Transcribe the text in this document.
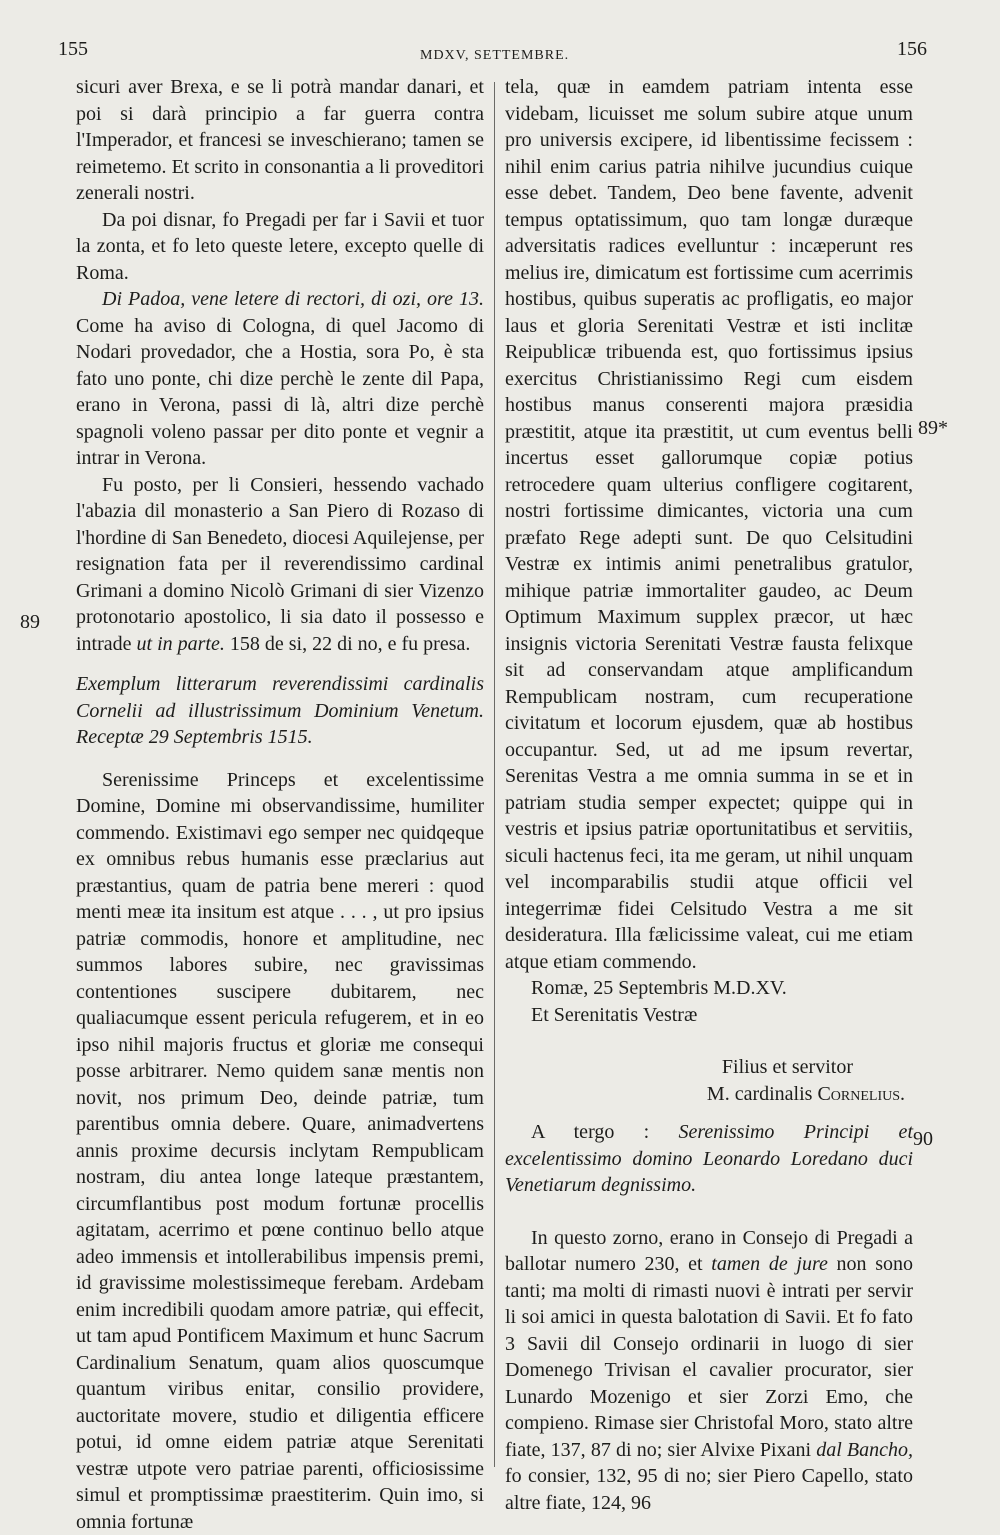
155	MDXV, SETTEMBRE.	156
89
89*
90

sicuri aver Brexa, e se li potrà mandar danari, et poi si darà principio a far guerra contra l'Imperador, et francesi se inveschierano; tamen se reimetemo. Et scrito in consonantia a li proveditori zenerali nostri.

Da poi disnar, fo Pregadi per far i Savii et tuor la zonta, et fo leto queste letere, excepto quelle di Roma.

Di Padoa, vene letere di rectori, di ozi, ore 13. Come ha aviso di Cologna, di quel Jacomo di Nodari provedador, che a Hostia, sora Po, è sta fato uno ponte, chi dize perchè le zente dil Papa, erano in Verona, passi di là, altri dize perchè spagnoli voleno passar per dito ponte et vegnir a intrar in Verona.

Fu posto, per li Consieri, hessendo vachado l'abazia dil monasterio a San Piero di Rozaso di l'hordine di San Benedeto, diocesi Aquilejense, per resignation fata per il reverendissimo cardinal Grimani a domino Nicolò Grimani di sier Vizenzo protonotario apostolico, li sia dato il possesso e intrade ut in parte. 158 de si, 22 di no, e fu presa.

Exemplum litterarum reverendissimi cardinalis Cornelii ad illustrissimum Dominium Venetum. Receptæ 29 Septembris 1515.

Serenissime Princeps et excelentissime Domine, Domine mi observandissime, humiliter commendo. Existimavi ego semper nec quidqeque ex omnibus rebus humanis esse præclarius aut præstantius, quam de patria bene mereri : quod menti meæ ita insitum est atque . . . , ut pro ipsius patriæ commodis, honore et amplitudine, nec summos labores subire, nec gravissimas contentiones suscipere dubitarem, nec qualiacumque essent pericula refugerem, et in eo ipso nihil majoris fructus et gloriæ me consequi posse arbitrarer. Nemo quidem sanæ mentis non novit, nos primum Deo, deinde patriæ, tum parentibus omnia debere. Quare, animadvertens annis proxime decursis inclytam Rempublicam nostram, diu antea longe lateque præstantem, circumflantibus post modum fortunæ procellis agitatam, acerrimo et pœne continuo bello atque adeo immensis et intollerabilibus impensis premi, id gravissime molestissimeque ferebam. Ardebam enim incredibili quodam amore patriæ, qui effecit, ut tam apud Pontificem Maximum et hunc Sacrum Cardinalium Senatum, quam alios quoscumque quantum viribus enitar, consilio providere, auctoritate movere, studio et diligentia efficere potui, id omne eidem patriæ atque Serenitati vestræ utpote vero patriae parenti, officiosissime simul et promptissimæ praestiterim. Quin imo, si omnia fortunæ

tela, quæ in eamdem patriam intenta esse videbam, licuisset me solum subire atque unum pro universis excipere, id libentissime fecissem : nihil enim carius patria nihilve jucundius cuique esse debet. Tandem, Deo bene favente, advenit tempus optatissimum, quo tam longæ duræque adversitatis radices evelluntur : incæperunt res melius ire, dimicatum est fortissime cum acerrimis hostibus, quibus superatis ac profligatis, eo major laus et gloria Serenitati Vestræ et isti inclitæ Reipublicæ tribuenda est, quo fortissimus ipsius exercitus Christianissimo Regi cum eisdem hostibus manus conserenti majora præsidia præstitit, atque ita præstitit, ut cum eventus belli incertus esset gallorumque copiæ potius retrocedere quam ulterius confligere cogitarent, nostri fortissime dimicantes, victoria una cum præfato Rege adepti sunt. De quo Celsitudini Vestræ ex intimis animi penetralibus gratulor, mihique patriæ immortaliter gaudeo, ac Deum Optimum Maximum supplex præcor, ut hæc insignis victoria Serenitati Vestræ fausta felixque sit ad conservandam atque amplificandum Rempublicam nostram, cum recuperatione civitatum et locorum ejusdem, quæ ab hostibus occupantur. Sed, ut ad me ipsum revertar, Serenitas Vestra a me omnia summa in se et in patriam studia semper expectet; quippe qui in vestris et ipsius patriæ oportunitatibus et servitiis, siculi hactenus feci, ita me geram, ut nihil unquam vel incomparabilis studii atque officii vel integerrimæ fidei Celsitudo Vestra a me sit desideratura. Illa fælicissime valeat, cui me etiam atque etiam commendo.

Romæ, 25 Septembris M.D.XV.

Et Serenitatis Vestræ

Filius et servitor

M. cardinalis Cornelius.

A tergo : Serenissimo Principi et excelentissimo domino Leonardo Loredano duci Venetiarum degnissimo.

In questo zorno, erano in Consejo di Pregadi a ballotar numero 230, et tamen de jure non sono tanti; ma molti di rimasti nuovi è intrati per servir li soi amici in questa balotation di Savii. Et fo fato 3 Savii dil Consejo ordinarii in luogo di sier Domenego Trivisan el cavalier procurator, sier Lunardo Mozenigo et sier Zorzi Emo, che compieno. Rimase sier Christofal Moro, stato altre fiate, 137, 87 di no; sier Alvixe Pixani dal Bancho, fo consier, 132, 95 di no; sier Piero Capello, stato altre fiate, 124, 96
